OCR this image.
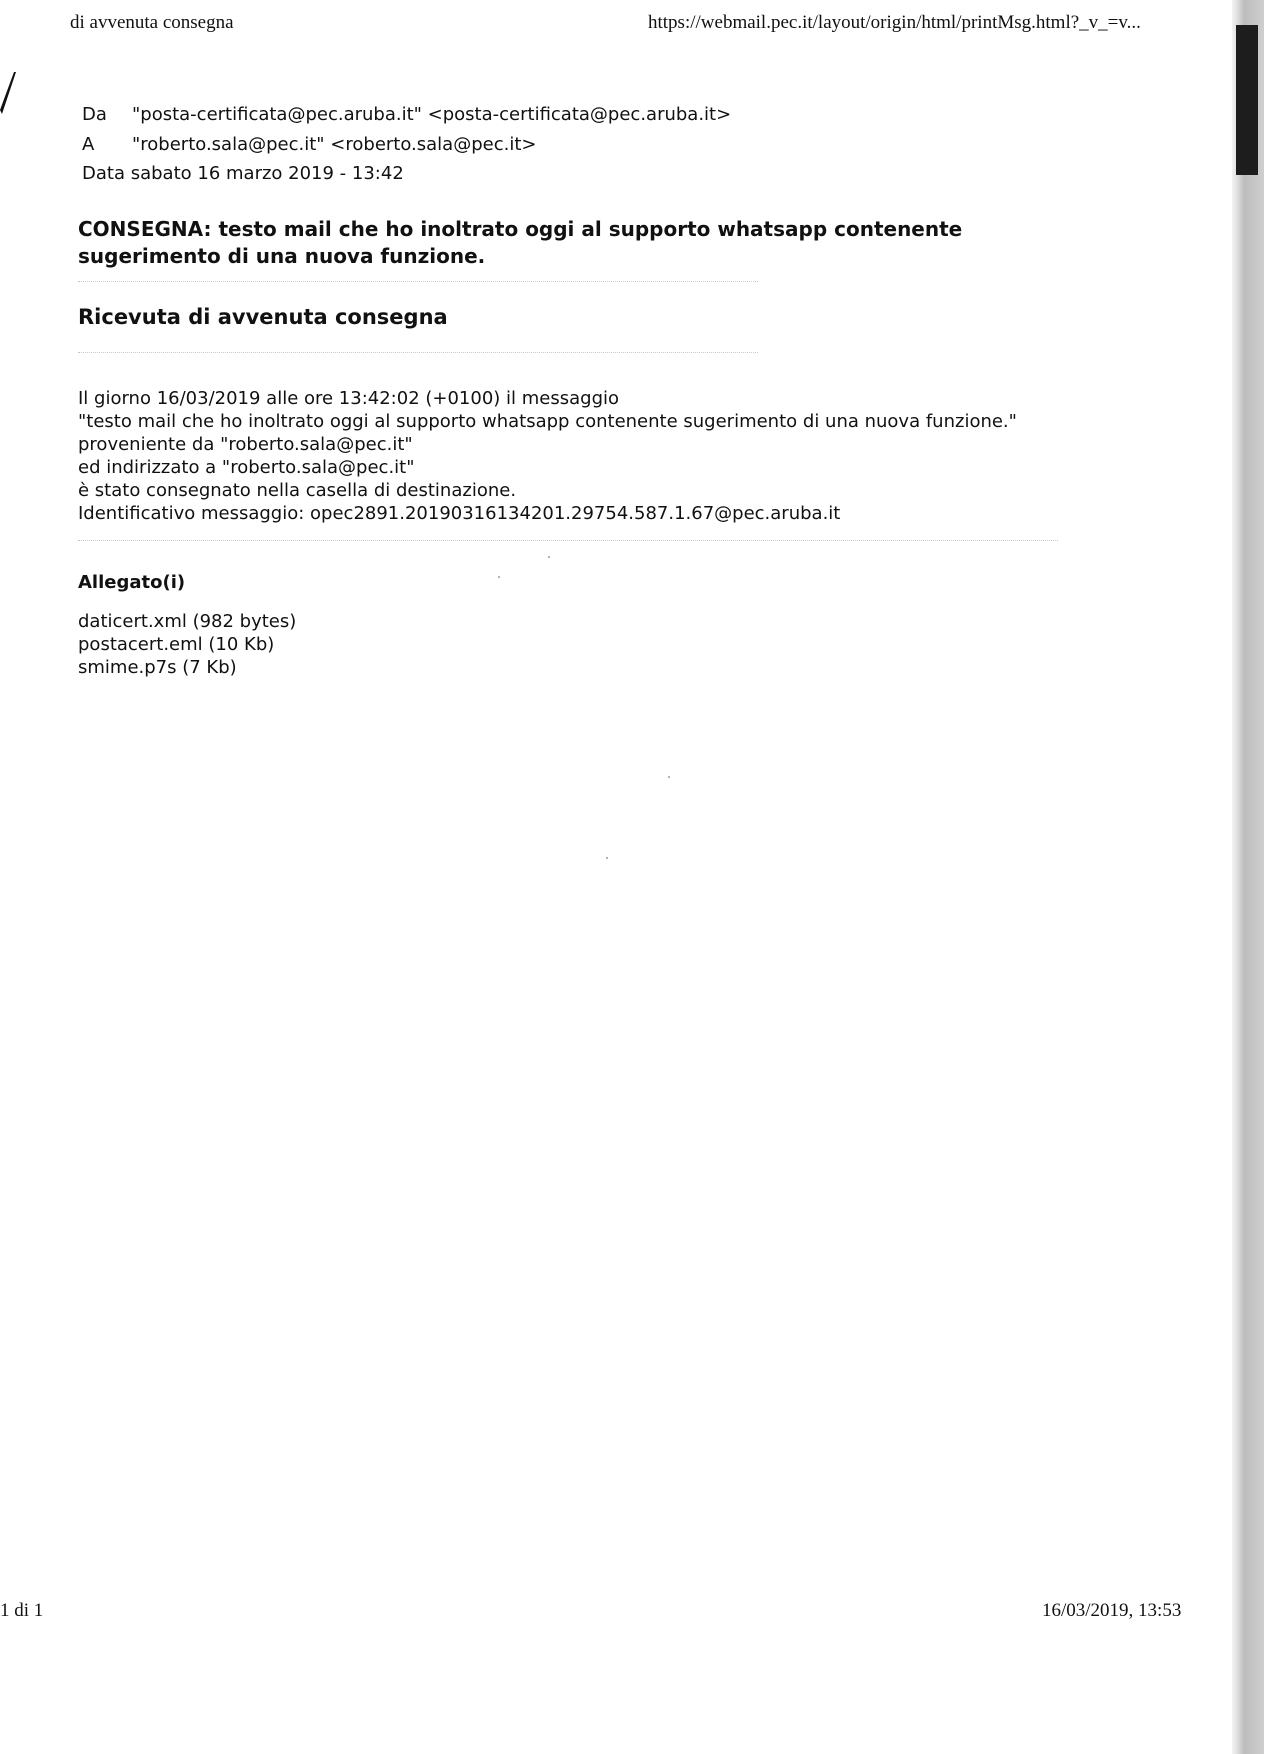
di avvenuta consegna	https://webmail.pec.it/layout/origin/html/printMsg.html?_v_=v...
Da "posta-certificata@pec.aruba.it" <posta-certificata@pec.aruba.it>
A "roberto.sala@pec.it" <roberto.sala@pec.it>
Data sabato 16 marzo 2019 - 13:42
CONSEGNA: testo mail che ho inoltrato oggi al supporto whatsapp contenente
sugerimento di una nuova funzione.
Ricevuta di avvenuta consegna
Il giorno 16/03/2019 alle ore 13:42:02 (+0100) il messaggio
"testo mail che ho inoltrato oggi al supporto whatsapp contenente sugerimento di una nuova funzione."
proveniente da "roberto.sala@pec.it"
ed indirizzato a "roberto.sala@pec.it"
è stato consegnato nella casella di destinazione.
Identificativo messaggio: opec2891.20190316134201.29754.587.1.67@pec.aruba.it
Allegato(i)
daticert.xml (982 bytes)
postacert.eml (10 Kb)
smime.p7s (7 Kb)
1 di 1	16/03/2019, 13:53
